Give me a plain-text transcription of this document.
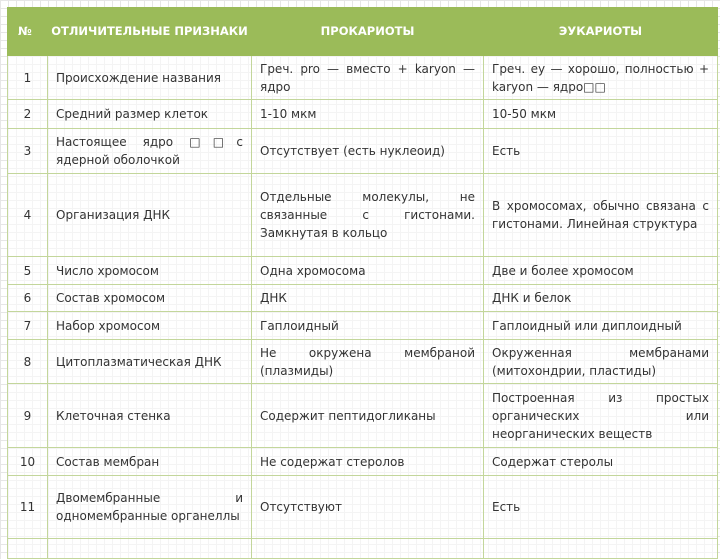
№	ОТЛИЧИТЕЛЬНЫЕ ПРИЗНАКИ	ПРОКАРИОТЫ	ЭУКАРИОТЫ
1	Происхождение названия	Греч. pro — вместо + karyon — ядро	Греч. eу — хорошо, полностью + karyon — ядро□□
2	Средний размер клеток	1-10 мкм	10-50 мкм
3	Настоящее ядро □□с ядерной оболочкой	Отсутствует (есть нуклеоид)	Есть
4	Организация ДНК	Отдельные молекулы, не связанные с гистонами. Замкнутая в кольцо	В хромосомах, обычно связана с гистонами. Линейная структура
5	Число хромосом	Одна хромосома	Две и более хромосом
6	Состав хромосом	ДНК	ДНК и белок
7	Набор хромосом	Гаплоидный	Гаплоидный или диплоидный
8	Цитоплазматическая ДНК	Не окружена мембраной (плазмиды)	Окруженная мембранами (митохондрии, пластиды)
9	Клеточная стенка	Содержит пептидогликаны	Построенная из простых органических или неорганических веществ
10	Состав мембран	Не содержат стеролов	Содержат стеролы
11	Двомембранные и одномембранные органеллы	Отсутствуют	Есть
